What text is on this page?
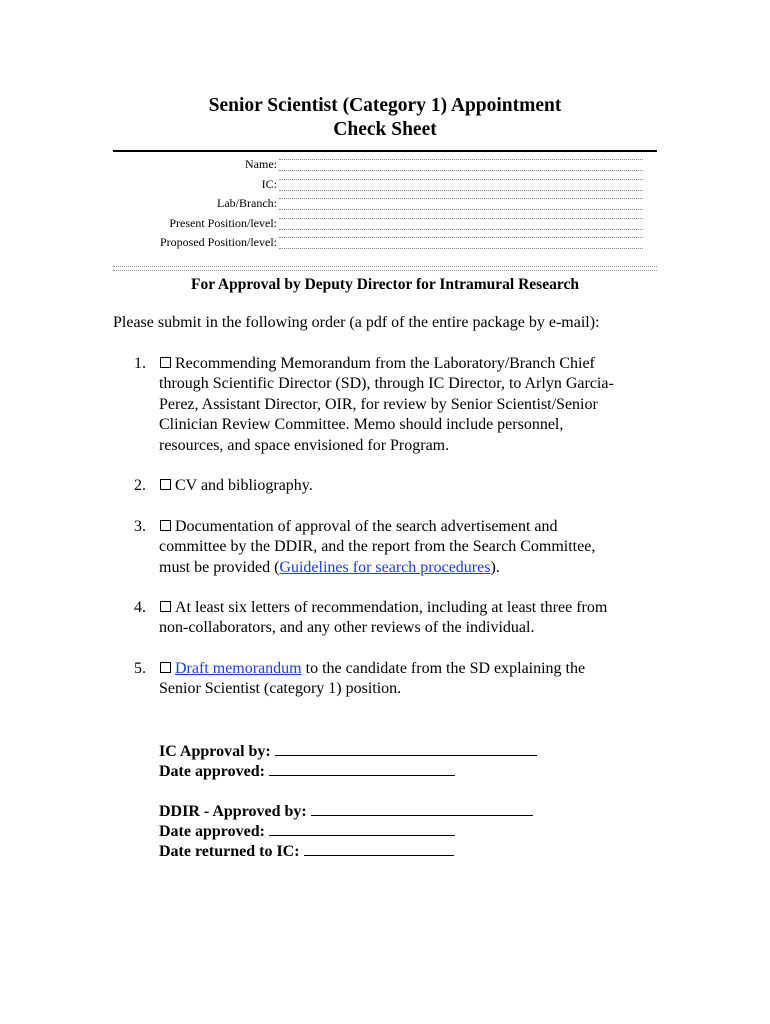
Senior Scientist (Category 1) Appointment
Check Sheet
Name:
IC:
Lab/Branch:
Present Position/level:
Proposed Position/level:
For Approval by Deputy Director for Intramural Research
Please submit in the following order (a pdf of the entire package by e-mail):
1.	Recommending Memorandum from the Laboratory/Branch Chief
through Scientific Director (SD), through IC Director, to Arlyn Garcia-
Perez, Assistant Director, OIR, for review by Senior Scientist/Senior
Clinician Review Committee. Memo should include personnel,
resources, and space envisioned for Program.
2.	CV and bibliography.
3.	Documentation of approval of the search advertisement and
committee by the DDIR, and the report from the Search Committee,
must be provided (Guidelines for search procedures).
4.	At least six letters of recommendation, including at least three from
non-collaborators, and any other reviews of the individual.
5.	Draft memorandum to the candidate from the SD explaining the
Senior Scientist (category 1) position.
IC Approval by:
Date approved:
DDIR - Approved by:
Date approved:
Date returned to IC:
